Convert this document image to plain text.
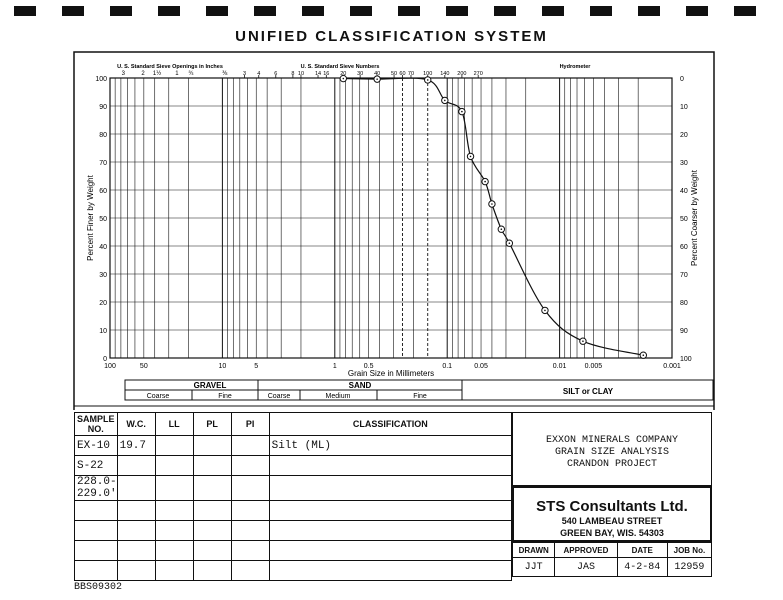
UNIFIED CLASSIFICATION SYSTEM
100
90
80
70
60
50
40
30
20
10
0
0
10
20
30
40
50
60
70
80
90
100
100	50	10	5	1	0.5	0.1	0.05	0.01	0.005	0.001
3	2 1½ 1 ¾	⅜	3 4	6	8 10 14 16 20 30 40 50 60 70 100 140 200 270
U. S. Standard Sieve Openings in Inches	U. S. Standard Sieve Numbers	Hydrometer
Grain Size in Millimeters
Percent Finer by Weight	Percent Coarser by Weight
GRAVEL	SAND
SILT or CLAY
Coarse	Fine	Coarse	Medium	Fine
SAMPLE NO.	W.C.	LL	PL	PI	CLASSIFICATION
EX-10	19.7				Silt (ML)
S-22					
228.0-229.0'					

EXXON MINERALS COMPANY
GRAIN SIZE ANALYSIS
CRANDON PROJECT
STS Consultants Ltd.
540 LAMBEAU STREET
GREEN BAY, WIS. 54303
DRAWN	APPROVED	DATE	JOB No.
JJT	JAS	4-2-84	12959
BBS09302
